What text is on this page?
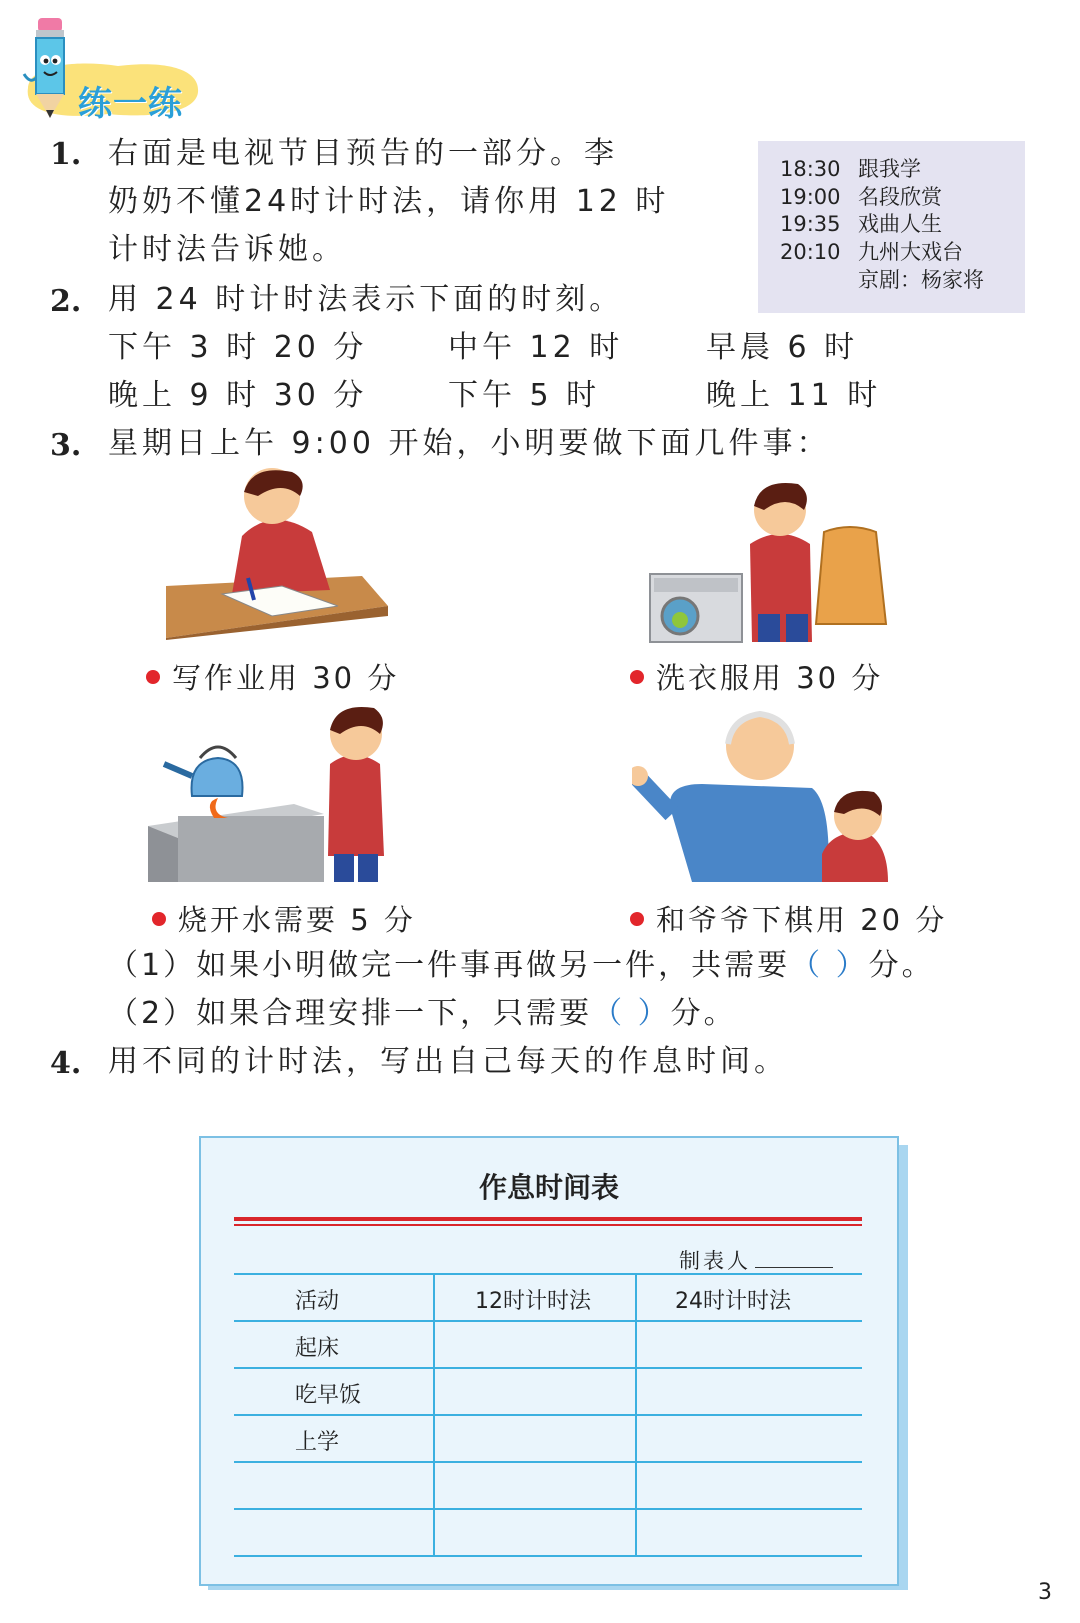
练一练
1. 右面是电视节目预告的一部分。李
奶奶不懂24时计时法，请你用 12 时
计时法告诉她。
18:30 跟我学
19:00 名段欣赏
19:35 戏曲人生
20:10 九州大戏台
京剧：杨家将
2. 用 24 时计时法表示下面的时刻。
下午 3 时 20 分	中午 12 时	早晨 6 时
晚上 9 时 30 分	下午 5 时	晚上 11 时
3. 星期日上午 9:00 开始，小明要做下面几件事：
写作业用 30 分	洗衣服用 30 分
烧开水需要 5 分	和爷爷下棋用 20 分
（1）如果小明做完一件事再做另一件，共需要（ ）分。
（2）如果合理安排一下，只需要（ ）分。
4. 用不同的计时法，写出自己每天的作息时间。
作息时间表
制表人
活动	12时计时法	24时计时法
起床
吃早饭
上学
3
